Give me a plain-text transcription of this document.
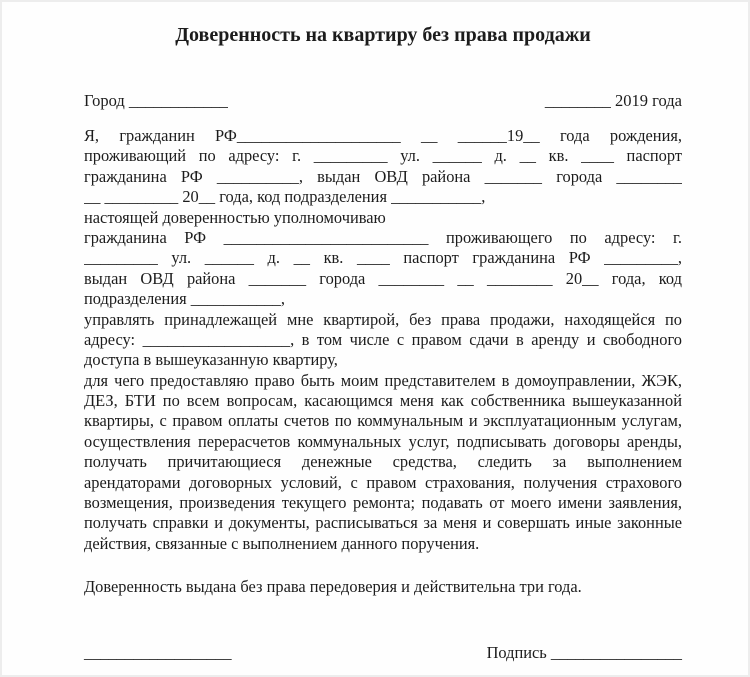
Доверенность на квартиру без права продажи
Город ____________	________ 2019 года
Я, гражданин РФ____________________ __ ______19__ года рождения,
проживающий по адресу: г. _________ ул. ______ д. __ кв. ____ паспорт
гражданина РФ __________, выдан ОВД района _______ города ________
__ _________ 20__ года, код подразделения ___________,
настоящей доверенностью уполномочиваю
гражданина РФ _________________________ проживающего по адресу: г.
_________ ул. ______ д. __ кв. ____ паспорт гражданина РФ _________,
выдан ОВД района _______ города ________ __ ________ 20__ года, код
подразделения ___________,
управлять принадлежащей мне квартирой, без права продажи, находящейся по
адресу: __________________, в том числе с правом сдачи в аренду и свободного
доступа в вышеуказанную квартиру,
для чего предоставляю право быть моим представителем в домоуправлении, ЖЭК,
ДЕЗ, БТИ по всем вопросам, касающимся меня как собственника вышеуказанной
квартиры, с правом оплаты счетов по коммунальным и эксплуатационным услугам,
осуществления перерасчетов коммунальных услуг, подписывать договоры аренды,
получать причитающиеся денежные средства, следить за выполнением
арендаторами договорных условий, с правом страхования, получения страхового
возмещения, произведения текущего ремонта; подавать от моего имени заявления,
получать справки и документы, расписываться за меня и совершать иные законные
действия, связанные с выполнением данного поручения.
Доверенность выдана без права передоверия и действительна три года.
__________________	Подпись ________________
